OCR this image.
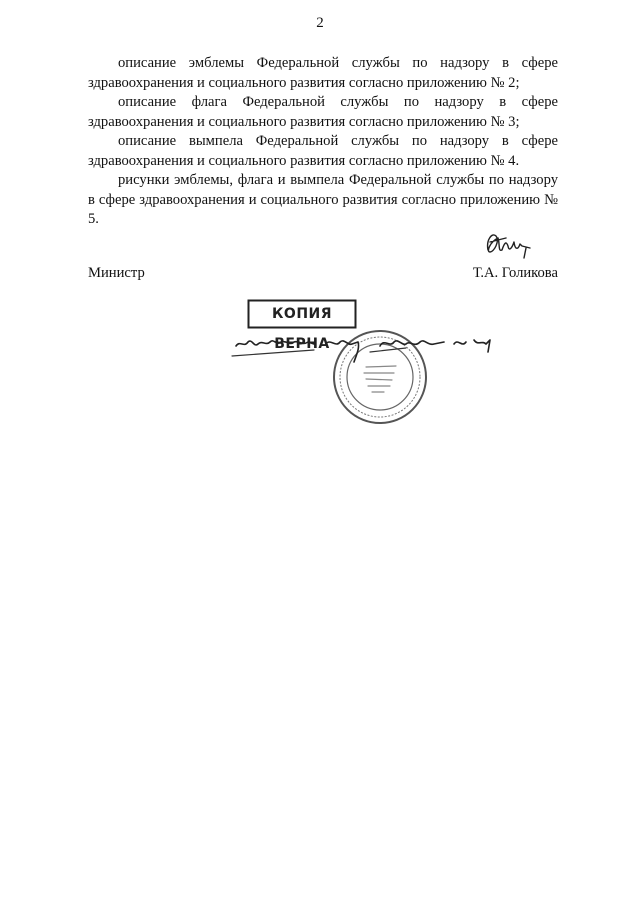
2

описание эмблемы Федеральной службы по надзору в сфере здравоохранения и социального развития согласно приложению № 2;

описание флага Федеральной службы по надзору в сфере здравоохранения и социального развития согласно приложению № 3;

описание вымпела Федеральной службы по надзору в сфере здравоохранения и социального развития согласно приложению № 4.

рисунки эмблемы, флага и вымпела Федеральной службы по надзору в сфере здравоохранения и социального развития согласно приложению № 5.

Министр	Т.А. Голикова
КОПИЯ ВЕРНА
